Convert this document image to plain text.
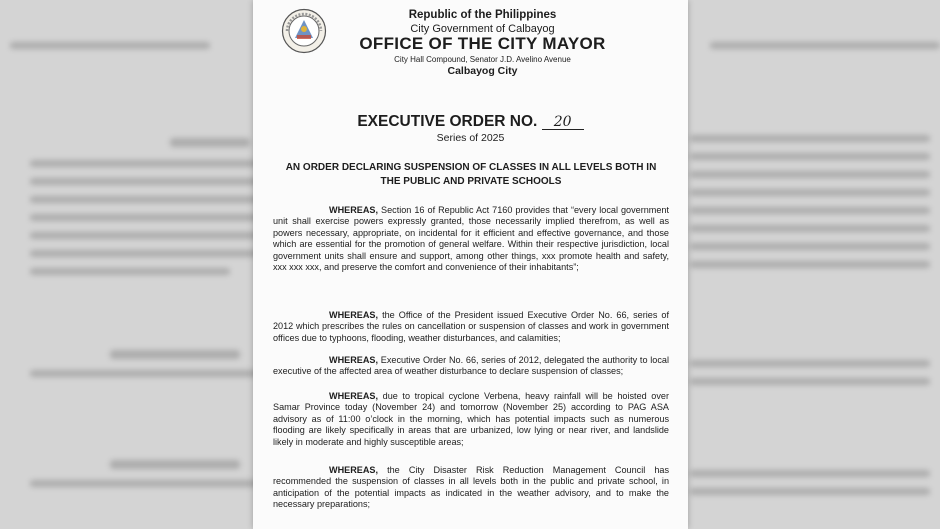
Republic of the Philippines
City Government of Calbayog
OFFICE OF THE CITY MAYOR
City Hall Compound, Senator J.D. Avelino Avenue
Calbayog City
EXECUTIVE ORDER NO. 20
Series of 2025
AN ORDER DECLARING SUSPENSION OF CLASSES IN ALL LEVELS BOTH IN THE PUBLIC AND PRIVATE SCHOOLS
WHEREAS, Section 16 of Republic Act 7160 provides that “every local government unit shall exercise powers expressly granted, those necessarily implied therefrom, as well as powers necessary, appropriate, on incidental for it efficient and effective governance, and those which are essential for the promotion of general welfare. Within their respective jurisdiction, local government units shall ensure and support, among other things, xxx promote health and safety, xxx xxx xxx, and preserve the comfort and convenience of their inhabitants”;
WHEREAS, the Office of the President issued Executive Order No. 66, series of 2012 which prescribes the rules on cancellation or suspension of classes and work in government offices due to typhoons, flooding, weather disturbances, and calamities;
WHEREAS, Executive Order No. 66, series of 2012, delegated the authority to local executive of the affected area of weather disturbance to declare suspension of classes;
WHEREAS, due to tropical cyclone Verbena, heavy rainfall will be hoisted over Samar Province today (November 24) and tomorrow (November 25) according to PAG ASA advisory as of 11:00 o’clock in the morning, which has potential impacts such as numerous flooding are likely specifically in areas that are urbanized, low lying or near river, and landslide likely in moderate and highly susceptible areas;
WHEREAS, the City Disaster Risk Reduction Management Council has recommended the suspension of classes in all levels both in the public and private school, in anticipation of the potential impacts as indicated in the weather advisory, and to make the necessary preparations;
